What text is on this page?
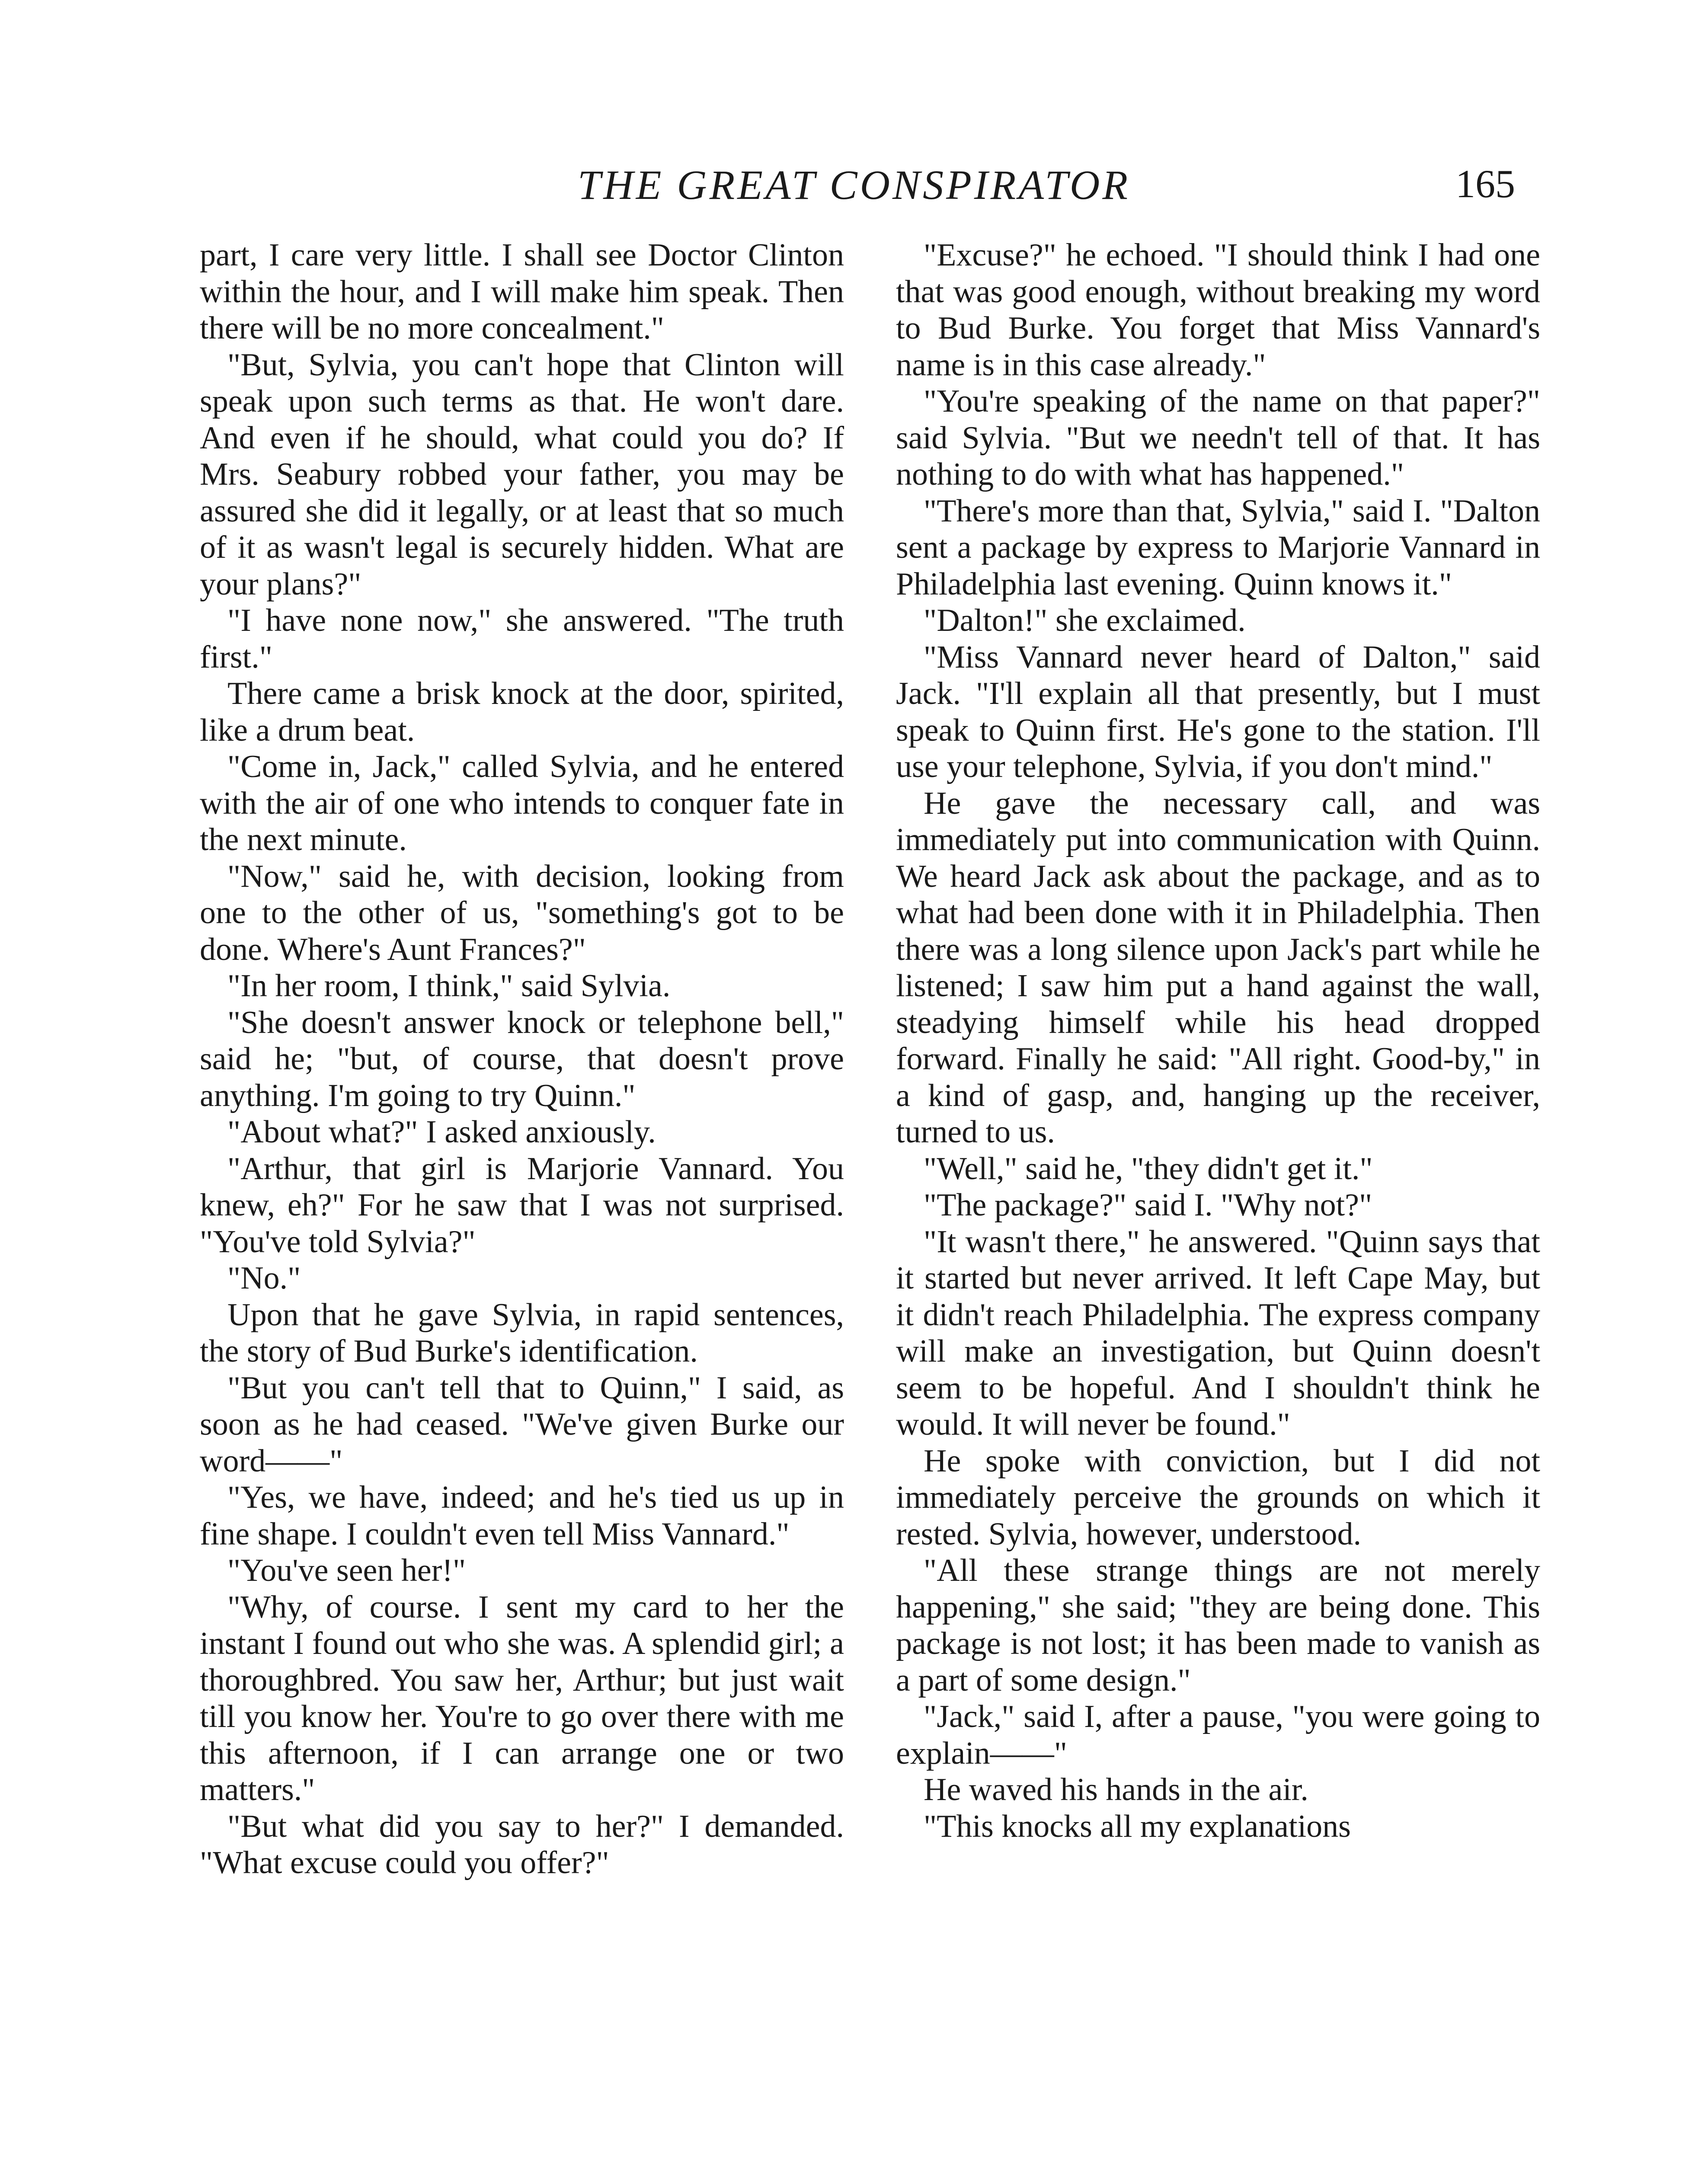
THE GREAT CONSPIRATOR	165

part, I care very little. I shall see Doctor Clinton within the hour, and I will make him speak. Then there will be no more concealment."

"But, Sylvia, you can't hope that Clinton will speak upon such terms as that. He won't dare. And even if he should, what could you do? If Mrs. Seabury robbed your father, you may be assured she did it legally, or at least that so much of it as wasn't legal is securely hidden. What are your plans?"

"I have none now," she answered. "The truth first."

There came a brisk knock at the door, spirited, like a drum beat.

"Come in, Jack," called Sylvia, and he entered with the air of one who intends to conquer fate in the next minute.

"Now," said he, with decision, looking from one to the other of us, "something's got to be done. Where's Aunt Frances?"

"In her room, I think," said Sylvia.

"She doesn't answer knock or telephone bell," said he; "but, of course, that doesn't prove anything. I'm going to try Quinn."

"About what?" I asked anxiously.

"Arthur, that girl is Marjorie Vannard. You knew, eh?" For he saw that I was not surprised. "You've told Sylvia?"

"No."

Upon that he gave Sylvia, in rapid sentences, the story of Bud Burke's identification.

"But you can't tell that to Quinn," I said, as soon as he had ceased. "We've given Burke our word——"

"Yes, we have, indeed; and he's tied us up in fine shape. I couldn't even tell Miss Vannard."

"You've seen her!"

"Why, of course. I sent my card to her the instant I found out who she was. A splendid girl; a thoroughbred. You saw her, Arthur; but just wait till you know her. You're to go over there with me this afternoon, if I can arrange one or two matters."

"But what did you say to her?" I demanded. "What excuse could you offer?"

"Excuse?" he echoed. "I should think I had one that was good enough, without breaking my word to Bud Burke. You forget that Miss Vannard's name is in this case already."

"You're speaking of the name on that paper?" said Sylvia. "But we needn't tell of that. It has nothing to do with what has happened."

"There's more than that, Sylvia," said I. "Dalton sent a package by express to Marjorie Vannard in Philadelphia last evening. Quinn knows it."

"Dalton!" she exclaimed.

"Miss Vannard never heard of Dalton," said Jack. "I'll explain all that presently, but I must speak to Quinn first. He's gone to the station. I'll use your telephone, Sylvia, if you don't mind."

He gave the necessary call, and was immediately put into communication with Quinn. We heard Jack ask about the package, and as to what had been done with it in Philadelphia. Then there was a long silence upon Jack's part while he listened; I saw him put a hand against the wall, steadying himself while his head dropped forward. Finally he said: "All right. Good-by," in a kind of gasp, and, hanging up the receiver, turned to us.

"Well," said he, "they didn't get it."

"The package?" said I. "Why not?"

"It wasn't there," he answered. "Quinn says that it started but never arrived. It left Cape May, but it didn't reach Philadelphia. The express company will make an investigation, but Quinn doesn't seem to be hopeful. And I shouldn't think he would. It will never be found."

He spoke with conviction, but I did not immediately perceive the grounds on which it rested. Sylvia, however, understood.

"All these strange things are not merely happening," she said; "they are being done. This package is not lost; it has been made to vanish as a part of some design."

"Jack," said I, after a pause, "you were going to explain——"

He waved his hands in the air.

"This knocks all my explanations
